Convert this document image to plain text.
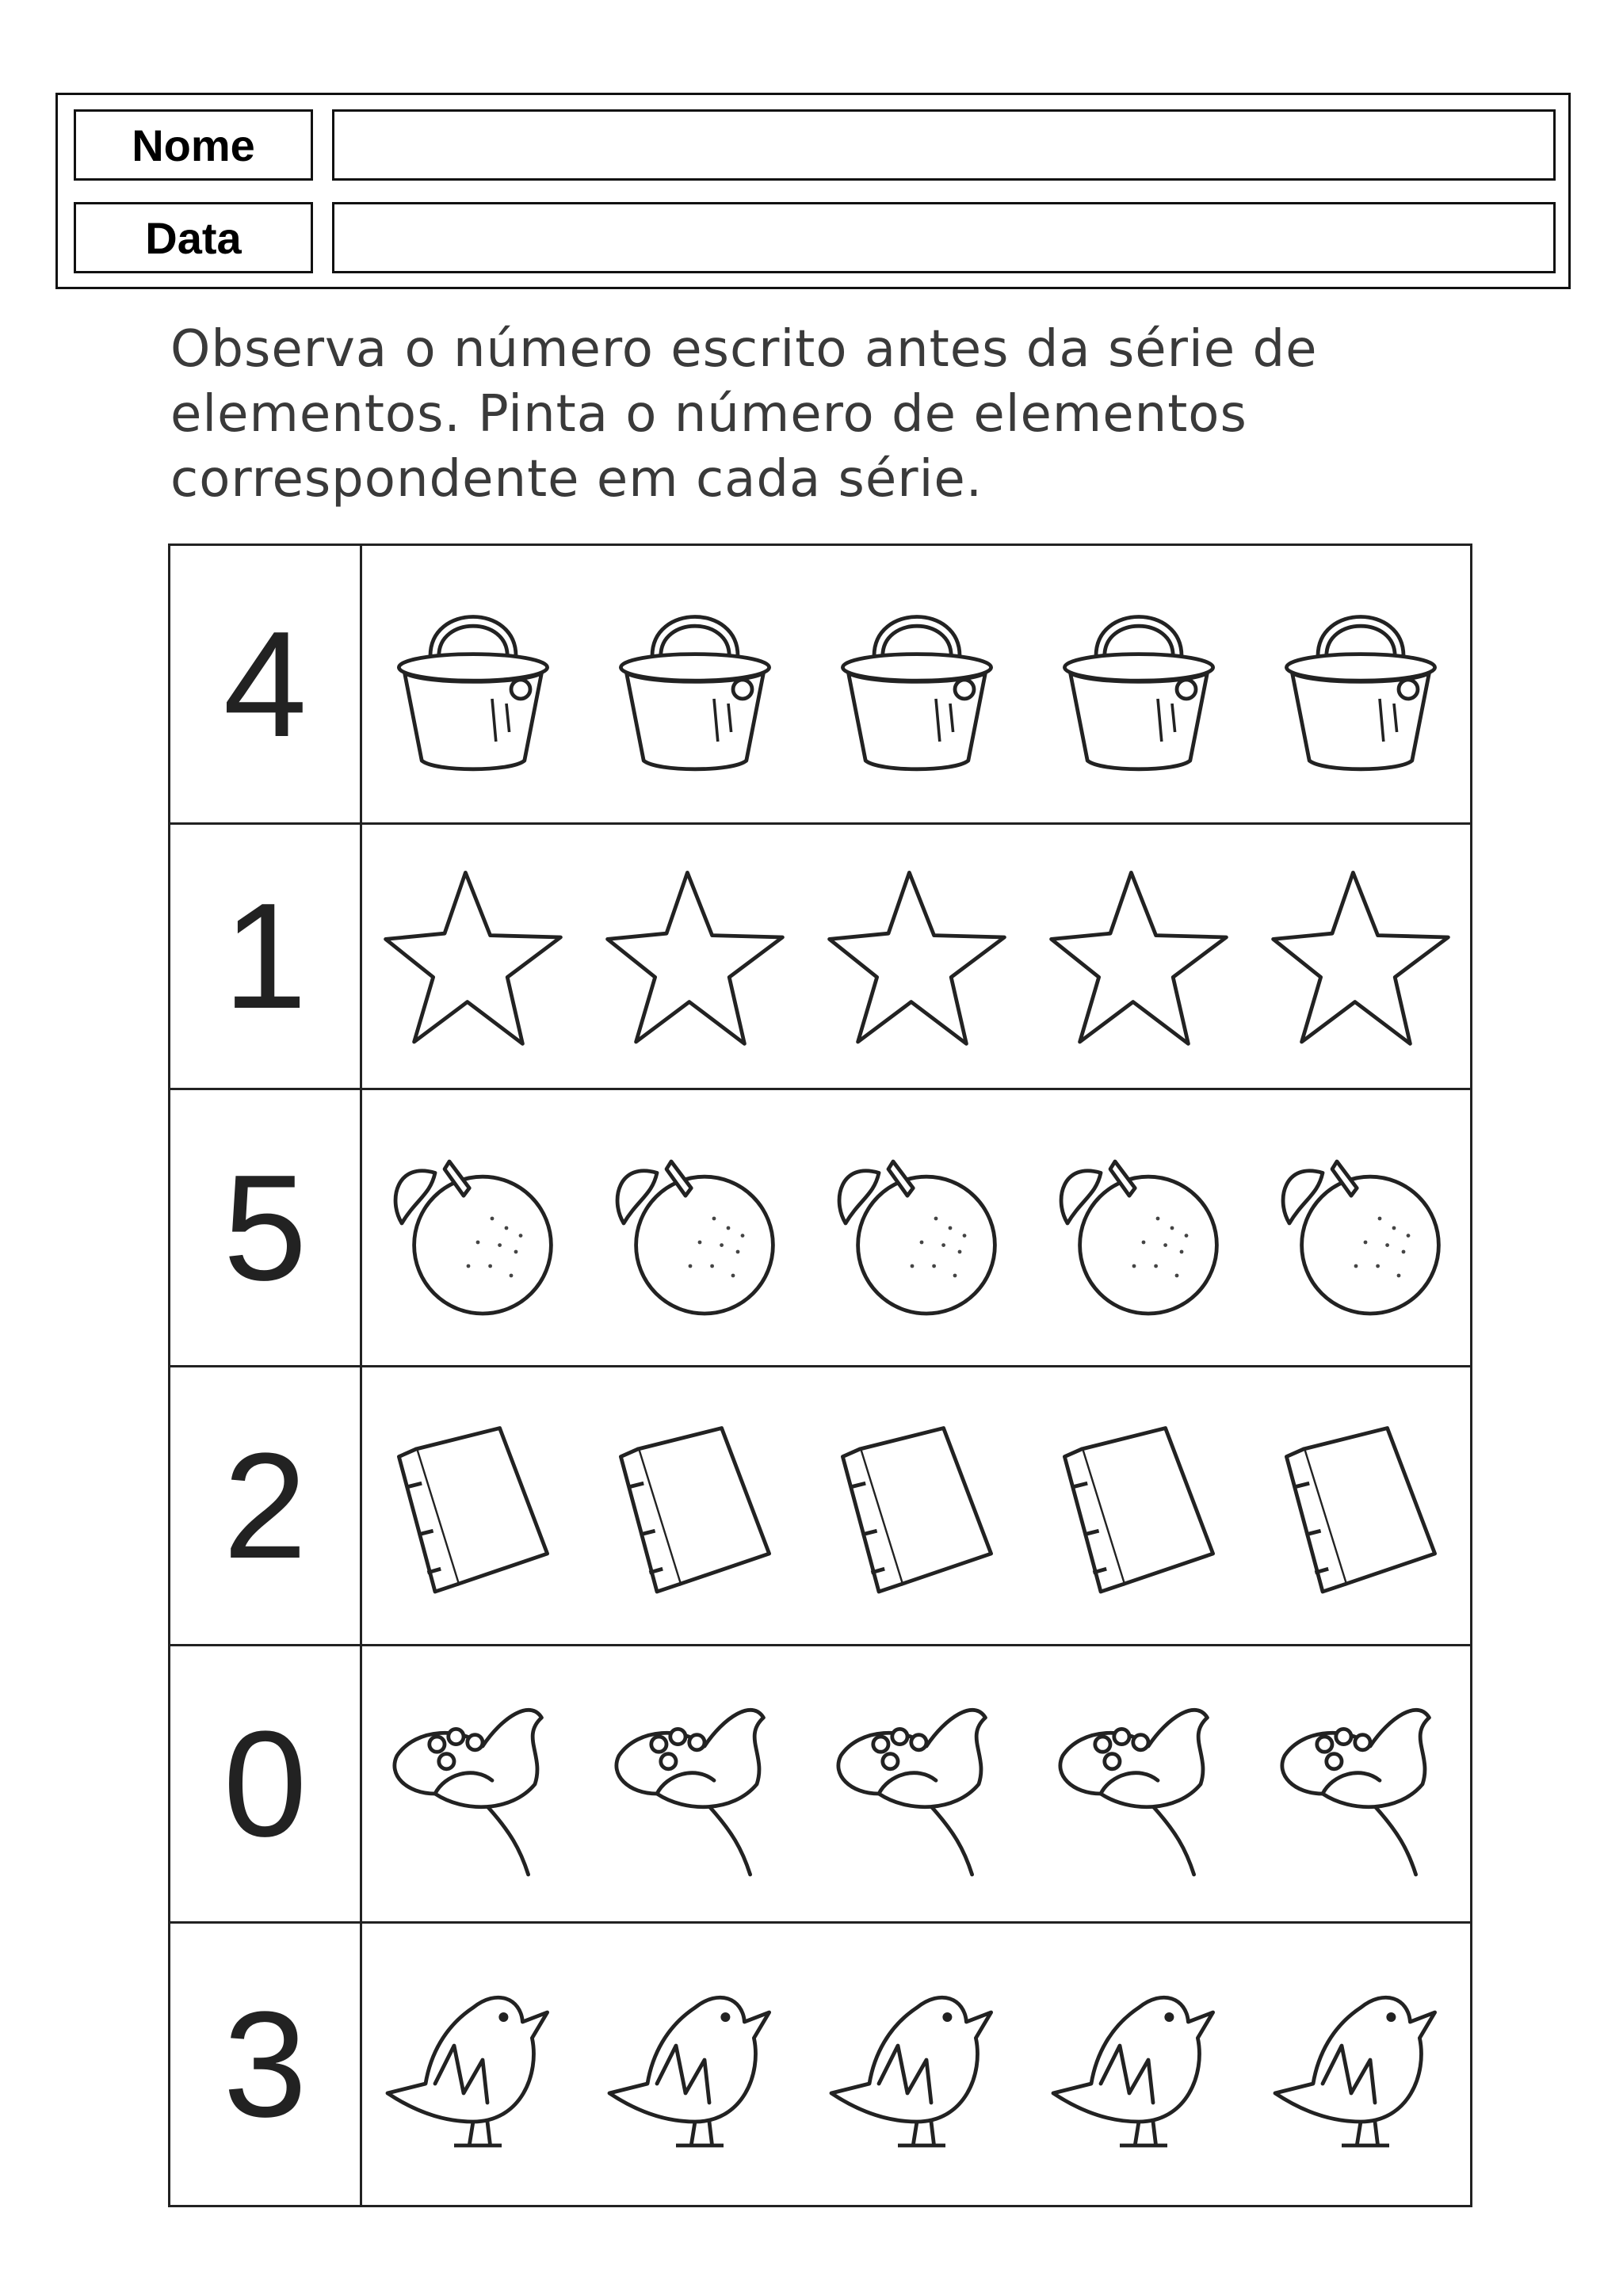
Nome
Data
Observa o número escrito antes da série de
elementos. Pinta o número de elementos
correspondente em cada série.
4
1
5
2
0
3
